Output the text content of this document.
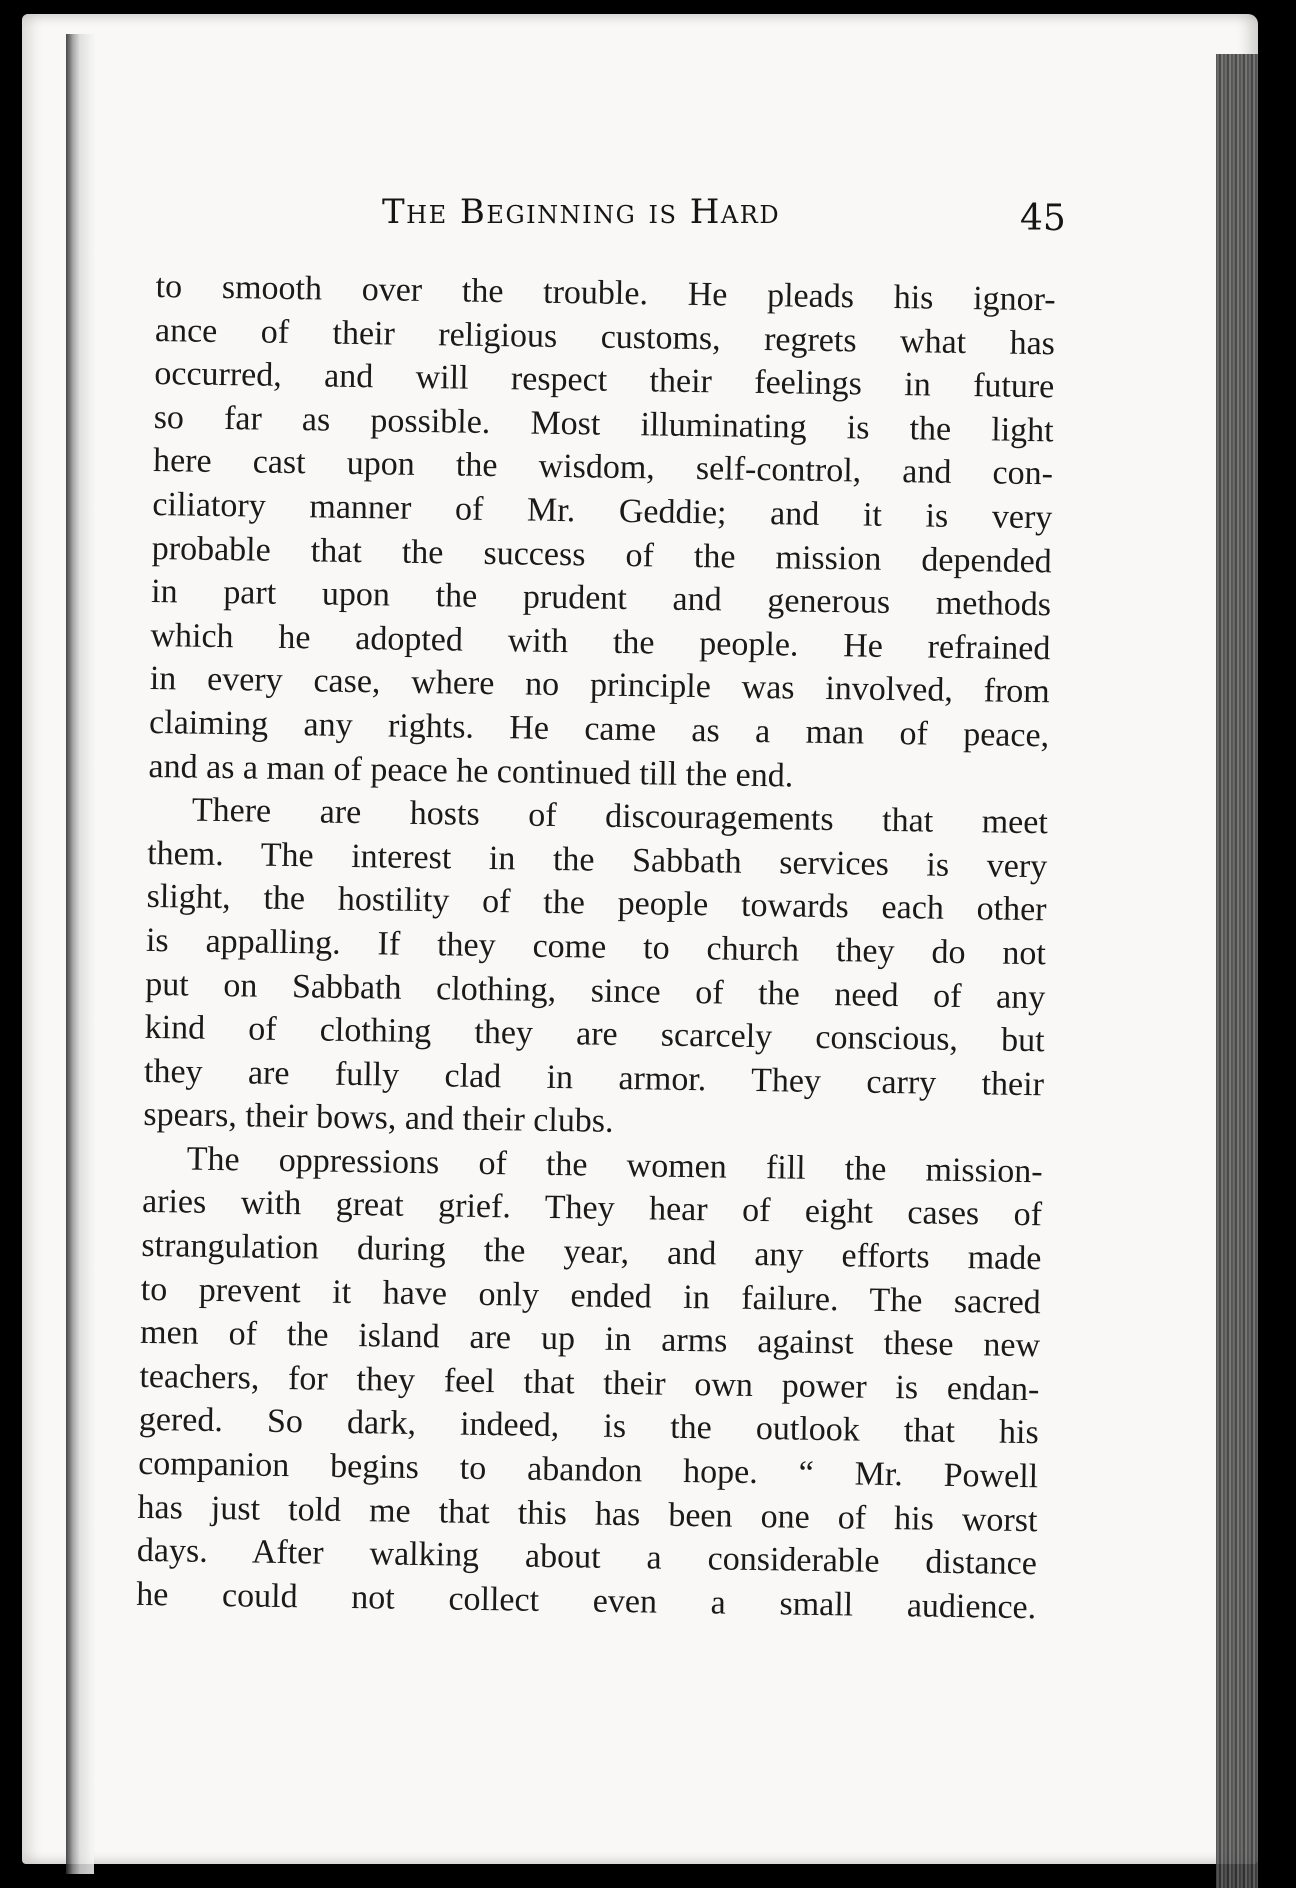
The Beginning is Hard	45
to smooth over the trouble. He pleads his ignor-
ance of their religious customs, regrets what has
occurred, and will respect their feelings in future
so far as possible. Most illuminating is the light
here cast upon the wisdom, self-control, and con-
ciliatory manner of Mr. Geddie; and it is very
probable that the success of the mission depended
in part upon the prudent and generous methods
which he adopted with the people. He refrained
in every case, where no principle was involved, from
claiming any rights. He came as a man of peace,
and as a man of peace he continued till the end.
There are hosts of discouragements that meet
them. The interest in the Sabbath services is very
slight, the hostility of the people towards each other
is appalling. If they come to church they do not
put on Sabbath clothing, since of the need of any
kind of clothing they are scarcely conscious, but
they are fully clad in armor. They carry their
spears, their bows, and their clubs.
The oppressions of the women fill the mission-
aries with great grief. They hear of eight cases of
strangulation during the year, and any efforts made
to prevent it have only ended in failure. The sacred
men of the island are up in arms against these new
teachers, for they feel that their own power is endan-
gered. So dark, indeed, is the outlook that his
companion begins to abandon hope. “ Mr. Powell
has just told me that this has been one of his worst
days. After walking about a considerable distance
he could not collect even a small audience.
